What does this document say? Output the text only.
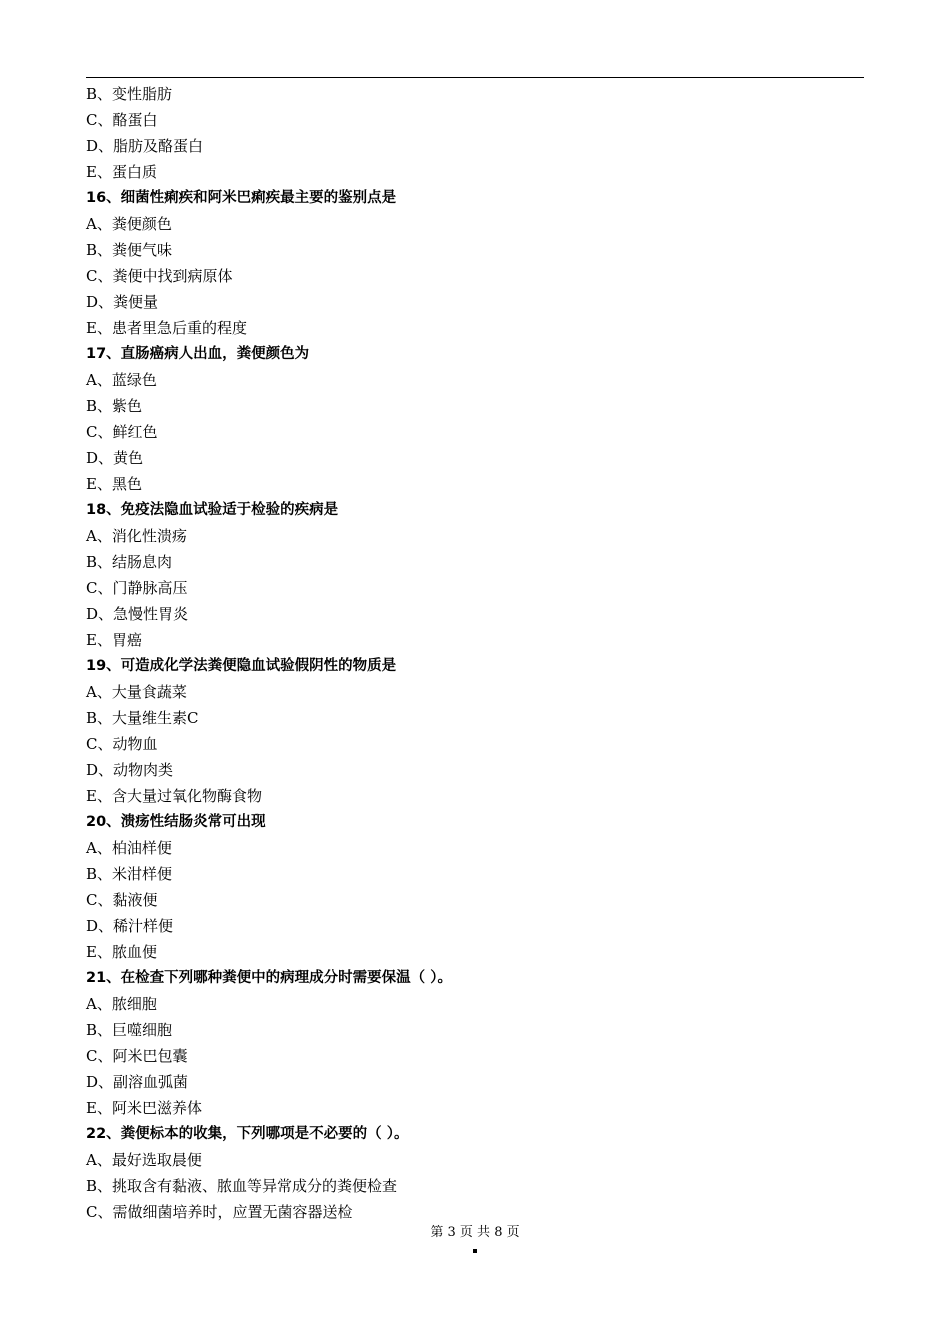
B、变性脂肪
C、酪蛋白
D、脂肪及酪蛋白
E、蛋白质
16、细菌性痢疾和阿米巴痢疾最主要的鉴别点是
A、粪便颜色
B、粪便气味
C、粪便中找到病原体
D、粪便量
E、患者里急后重的程度
17、直肠癌病人出血，粪便颜色为
A、蓝绿色
B、紫色
C、鲜红色
D、黄色
E、黑色
18、免疫法隐血试验适于检验的疾病是
A、消化性溃疡
B、结肠息肉
C、门静脉高压
D、急慢性胃炎
E、胃癌
19、可造成化学法粪便隐血试验假阴性的物质是
A、大量食蔬菜
B、大量维生素C
C、动物血
D、动物肉类
E、含大量过氧化物酶食物
20、溃疡性结肠炎常可出现
A、柏油样便
B、米泔样便
C、黏液便
D、稀汁样便
E、脓血便
21、在检查下列哪种粪便中的病理成分时需要保温（ ）。
A、脓细胞
B、巨噬细胞
C、阿米巴包囊
D、副溶血弧菌
E、阿米巴滋养体
22、粪便标本的收集，下列哪项是不必要的（ ）。
A、最好选取晨便
B、挑取含有黏液、脓血等异常成分的粪便检查
C、需做细菌培养时，应置无菌容器送检
第 3 页 共 8 页
